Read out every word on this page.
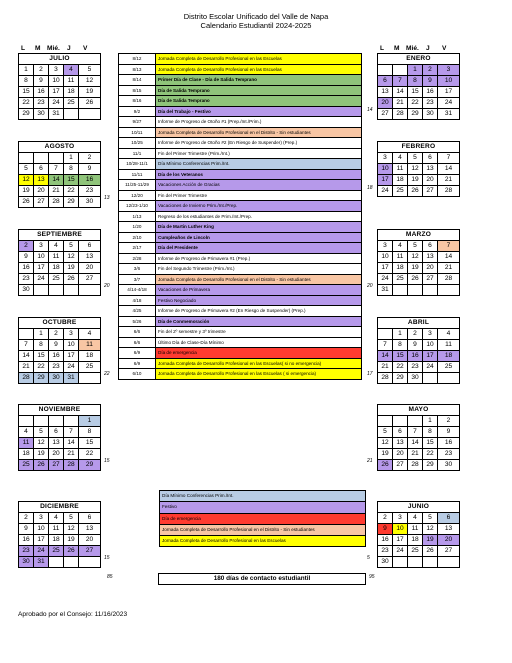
Distrito Escolar Unificado del Valle de Napa
Calendario Estudiantil 2024-2025
L M Mié. J V	L M Mié. J V
JULIO				
1	2	3	4	5
8	9	10	11	12
15	16	17	18	19
22	23	24	25	26
29	30	31		
AGOSTO				
			1	2
5	6	7	8	9
12	13	14	15	16
19	20	21	22	23
26	27	28	29	30 13
SEPTIEMBRE				
2	3	4	5	6
9	10	11	12	13
16	17	18	19	20
23	24	25	26	27
30					20
OCTUBRE				
	1	2	3	4
7	8	9	10	11
14	15	16	17	18
21	22	23	24	25
28	29	30	31		22
NOVIEMBRE				
				1
4	5	6	7	8
11	12	13	14	15
18	19	20	21	22
25	26	27	28	29 15
DICIEMBRE				
2	3	4	5	6
9	10	11	12	13
16	17	18	19	20
23	24	25	26	27
30	31				15
ENERO				
		1	2	3
6	7	8	9	10
13	14	15	16	17
20	21	22	23	24
27	28	29	30	31
14
FEBRERO				
3	4	5	6	7
10	11	12	13	14
17	18	19	20	21
24	25	26	27	28
18
MARZO				
3	4	5	6	7
10	11	12	13	14
17	18	19	20	21
24	25	26	27	28
31				
20
ABRIL				
	1	2	3	4
7	8	9	10	11
14	15	16	17	18
21	22	23	24	25
28	29	30		
17
MAYO				
			1	2
5	6	7	8	9
12	13	14	15	16
19	20	21	22	23
26	27	28	29	30
21
JUNIO				
2	3	4	5	6
9	10	11	12	13
16	17	18	19	20
23	24	25	26	27
30				
5
8/12	Jornada Completa de Desarrollo Profesional en las Escuelas
8/13	Jornada Completa de Desarrollo Profesional en las Escuelas
8/14	Primer Día de Clase - Día de Salida Temprano
8/15	Día de Salida Temprano
8/16	Día de Salida Temprano
9/2	Día del Trabajo - Festivo
9/27	Informe de Progreso de Otoño #1 (Prep./Int./Prim.)
10/11	Jornada Completa de Desarrollo Profesional en el Distrito - Sin estudiantes
10/25	Informe de Progreso de Otoño #2 (En Riesgo de Suspender) (Prep.)
11/1	Fin del Primer Trimestre (Prim./Int.)
10/28-11/1	Día Mínimo Conferencias Prim./Int.
11/11	Día de los Veteranos
11/25-11/29	Vacaciones Acción de Gracias
12/20	Fin del Primer Trimestre
12/23-1/10	Vacaciones de Invierno Prim./Int./Prep.
1/13	Regreso de los estudiantes de Prim./Int./Prep.
1/20	Día de Martin Luther King
2/10	Cumpleaños de Lincoln
2/17	Día del Presidente
2/28	Informe de Progreso de Primavera #1 (Prep.)
3/6	Fin del Segundo Trimestre (Prim./Int.)
3/7	Jornada Completa de Desarrollo Profesional en el Distrito - Sin estudiantes
4/14-4/18	Vacaciones de Primavera
4/18	Festivo Negociado
4/25	Informe de Progreso de Primavera #2 (En Riesgo de Suspender) (Prep.)
5/26	Día de Conmemoración
6/6	Fin del 2º semestre y 3º trimestre
6/6	Último Día de Clase-Día Mínimo
6/9	Día de emergencia
6/9	Jornada Completa de Desarrollo Profesional en las Escuelas( si no emergencia)
6/10	Jornada Completa de Desarrollo Profesional en las Escuelas ( si emergencia)
Día Mínimo Conferencias Prim./Int.
Festivo
Día de emergencia
Jornada Completa de Desarrollo Profesional en el Distrito - Sin estudiantes
Jornada Completa de Desarrollo Profesional en las Escuelas
85	180 días de contacto estudiantil	95
Aprobado por el Consejo: 11/16/2023
